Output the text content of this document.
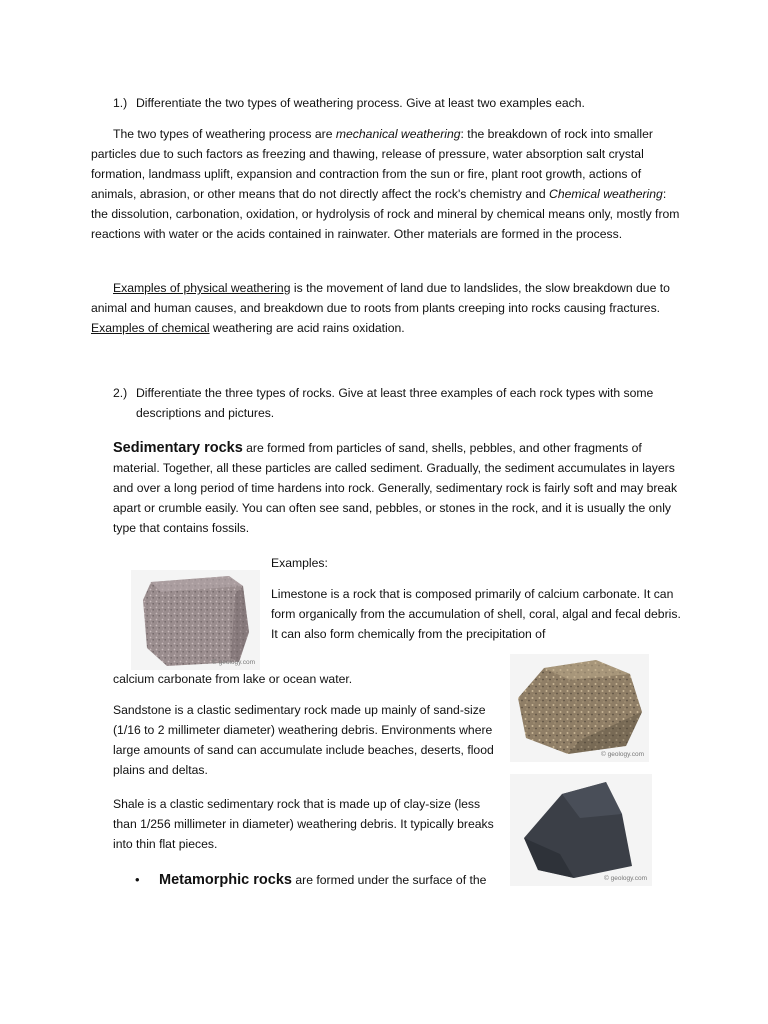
1.) Differentiate the two types of weathering process. Give at least two examples each.

The two types of weathering process are mechanical weathering: the breakdown of rock into smaller particles due to such factors as freezing and thawing, release of pressure, water absorption salt crystal formation, landmass uplift, expansion and contraction from the sun or fire, plant root growth, actions of animals, abrasion, or other means that do not directly affect the rock's chemistry and Chemical weathering: the dissolution, carbonation, oxidation, or hydrolysis of rock and mineral by chemical means only, mostly from reactions with water or the acids contained in rainwater. Other materials are formed in the process.

Examples of physical weathering is the movement of land due to landslides, the slow breakdown due to animal and human causes, and breakdown due to roots from plants creeping into rocks causing fractures. Examples of chemical weathering are acid rains oxidation.

2.) Differentiate the three types of rocks. Give at least three examples of each rock types with some descriptions and pictures.

Sedimentary rocks are formed from particles of sand, shells, pebbles, and other fragments of material. Together, all these particles are called sediment. Gradually, the sediment accumulates in layers and over a long period of time hardens into rock. Generally, sedimentary rock is fairly soft and may break apart or crumble easily. You can often see sand, pebbles, or stones in the rock, and it is usually the only type that contains fossils.

Examples:

© geology.com

Limestone is a rock that is composed primarily of calcium carbonate. It can form organically from the accumulation of shell, coral, algal and fecal debris. It can also form chemically from the precipitation of

calcium carbonate from lake or ocean water.

© geology.com

Sandstone is a clastic sedimentary rock made up mainly of sand-size (1/16 to 2 millimeter diameter) weathering debris. Environments where large amounts of sand can accumulate include beaches, deserts, flood plains and deltas.

© geology.com

Shale is a clastic sedimentary rock that is made up of clay-size (less than 1/256 millimeter in diameter) weathering debris. It typically breaks into thin flat pieces.

• Metamorphic rocks are formed under the surface of the
